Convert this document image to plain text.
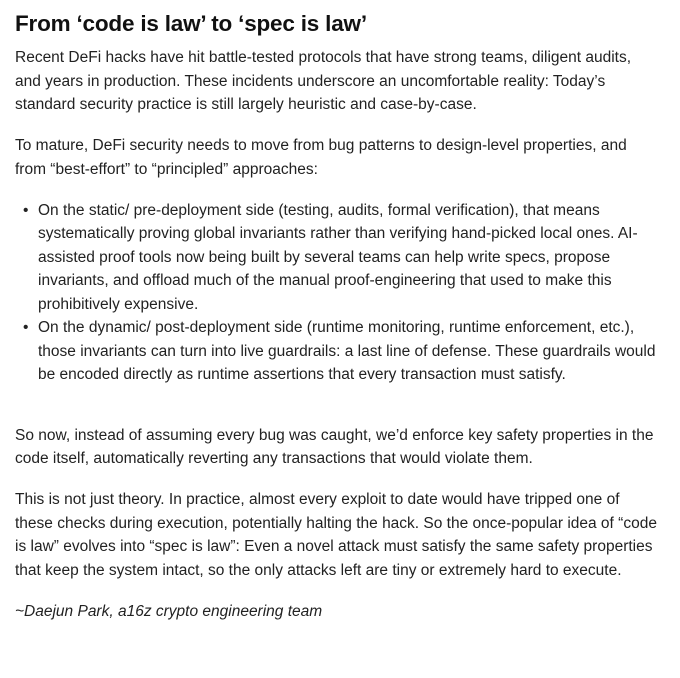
From ‘code is law’ to ‘spec is law’

Recent DeFi hacks have hit battle-tested protocols that have strong teams, diligent audits, and years in production. These incidents underscore an uncomfortable reality: Today’s standard security practice is still largely heuristic and case-by-case.

To mature, DeFi security needs to move from bug patterns to design-level properties, and from “best-effort” to “principled” approaches:

• On the static/ pre-deployment side (testing, audits, formal verification), that means systematically proving global invariants rather than verifying hand-picked local ones. AI-assisted proof tools now being built by several teams can help write specs, propose invariants, and offload much of the manual proof-engineering that used to make this prohibitively expensive.
• On the dynamic/ post-deployment side (runtime monitoring, runtime enforcement, etc.), those invariants can turn into live guardrails: a last line of defense. These guardrails would be encoded directly as runtime assertions that every transaction must satisfy.

So now, instead of assuming every bug was caught, we’d enforce key safety properties in the code itself, automatically reverting any transactions that would violate them.

This is not just theory. In practice, almost every exploit to date would have tripped one of these checks during execution, potentially halting the hack. So the once-popular idea of “code is law” evolves into “spec is law”: Even a novel attack must satisfy the same safety properties that keep the system intact, so the only attacks left are tiny or extremely hard to execute.

~Daejun Park, a16z crypto engineering team
